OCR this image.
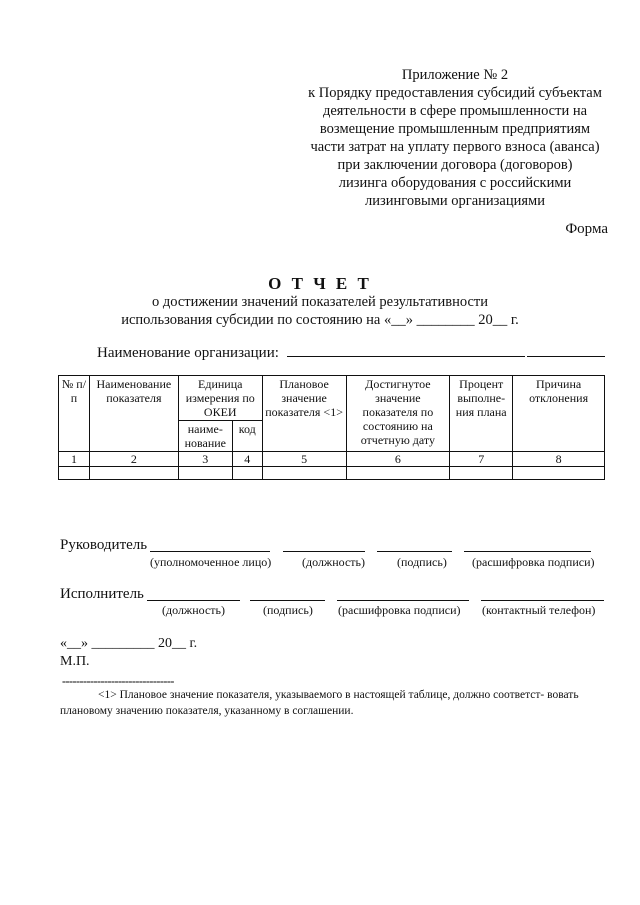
Приложение № 2
к Порядку предоставления субсидий субъектам
деятельности в сфере промышленности на
возмещение промышленным предприятиям
части затрат на уплату первого взноса (аванса)
при заключении договора (договоров)
лизинга оборудования с российскими
лизинговыми организациями
Форма
О Т Ч Е Т
о достижении значений показателей результативности
использования субсидии по состоянию на «__» ________ 20__ г.
Наименование организации:
№ п/п	Наименование показателя	Единица измерения по ОКЕИ		Плановое значение показателя <1>	Достигнутое значение показателя по состоянию на отчетную дату	Процент выполне- ния плана	Причина отклонения
		наиме- нование	код				
1	2	3	4	5	6	7	8

Руководитель
(уполномоченное лицо)	(должность)	(подпись) (расшифровка подписи)
Исполнитель
(должность)	(подпись) (расшифровка подписи) (контактный телефон)
«__» _________ 20__ г.
М.П.
--------------------------------
<1> Плановое значение показателя, указываемого в настоящей таблице, должно соответст- вовать плановому значению показателя, указанному в соглашении.
